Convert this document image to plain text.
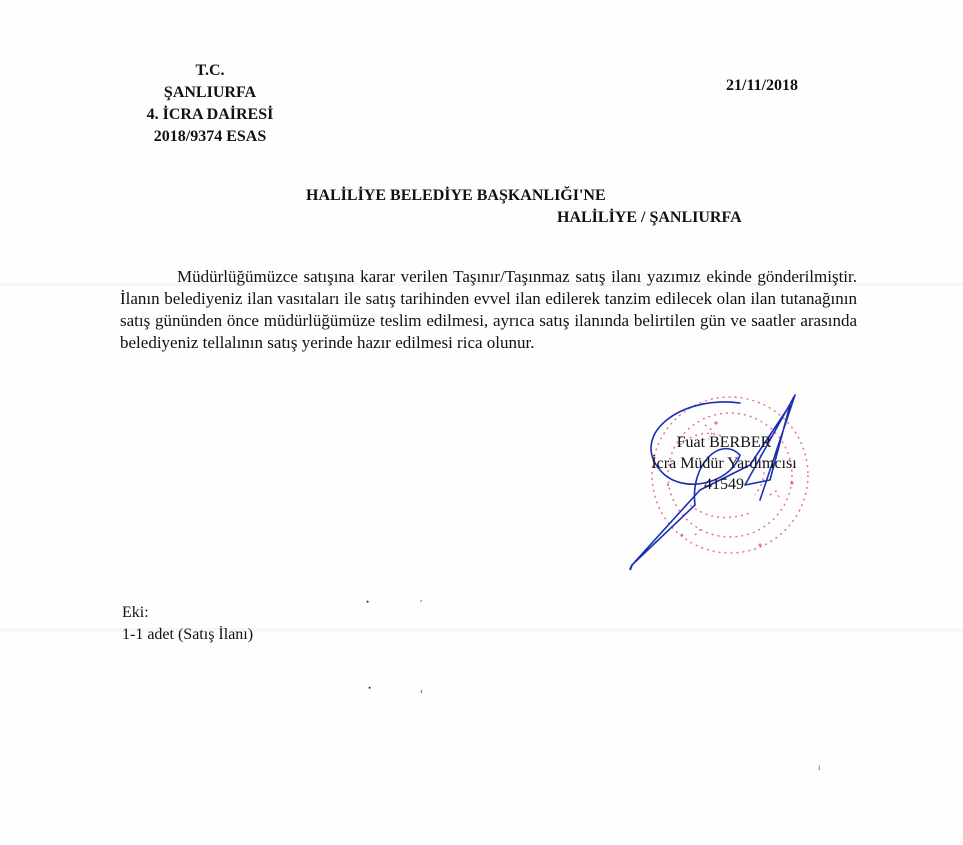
T.C.
ŞANLIURFA
4. İCRA DAİRESİ
2018/9374 ESAS
21/11/2018
HALİLİYE BELEDİYE BAŞKANLIĞI'NE
HALİLİYE / ŞANLIURFA
Müdürlüğümüzce satışına karar verilen Taşınır/Taşınmaz satış ilanı yazımız ekinde gönderilmiştir. İlanın belediyeniz ilan vasıtaları ile satış tarihinden evvel ilan edilerek tanzim edilecek olan ilan tutanağının satış gününden önce müdürlüğümüze teslim edilmesi, ayrıca satış ilanında belirtilen gün ve saatler arasında belediyeniz tellalının satış yerinde hazır edilmesi rica olunur.
Fuat BERBER
İcra Müdür Yardımcısı
41549
Eki:
1-1 adet (Satış İlanı)
•	,
•	‹
ı
